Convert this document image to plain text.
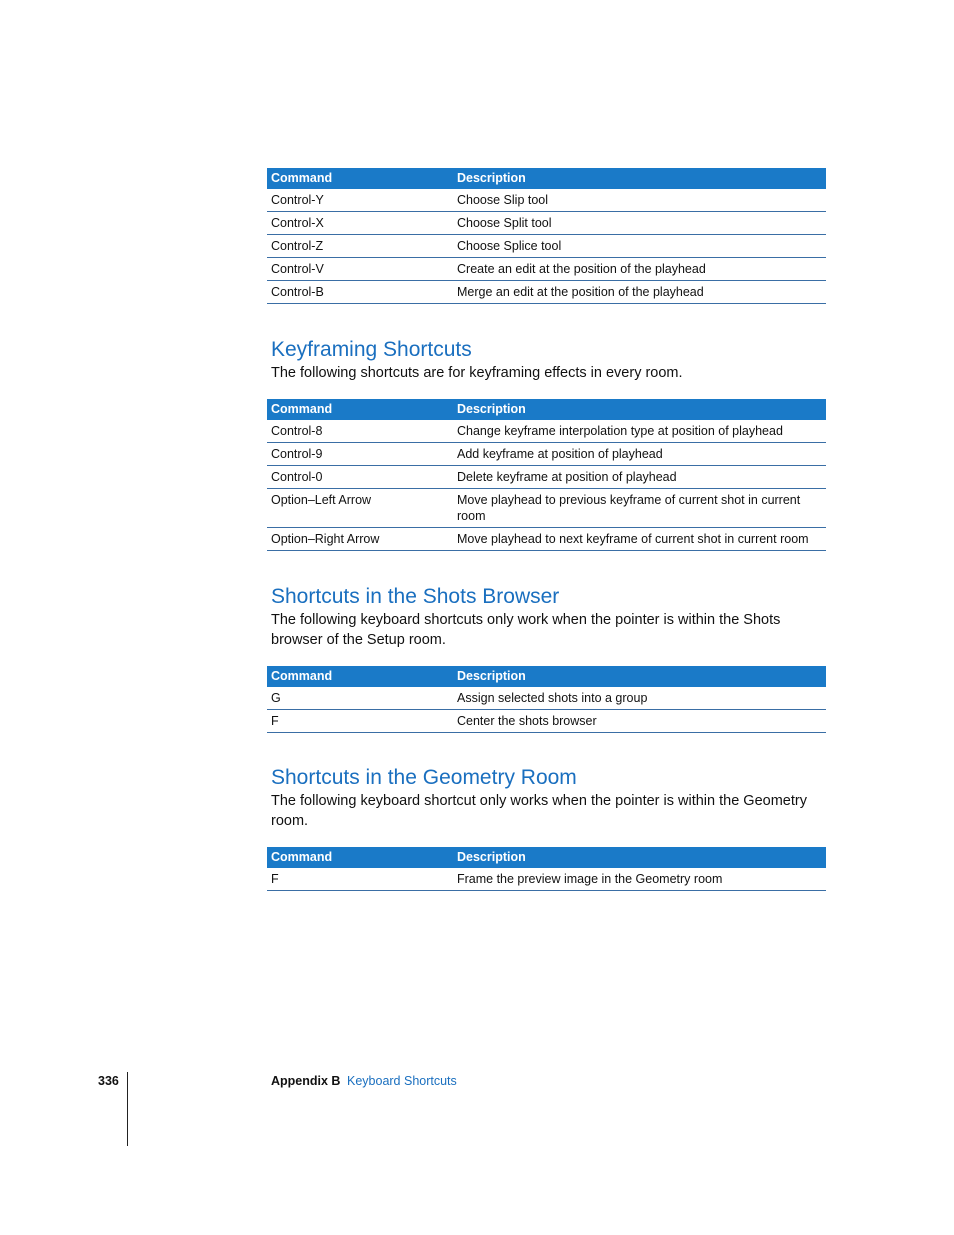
Command	Description
Control-Y	Choose Slip tool
Control-X	Choose Split tool
Control-Z	Choose Splice tool
Control-V	Create an edit at the position of the playhead
Control-B	Merge an edit at the position of the playhead
Keyframing Shortcuts

The following shortcuts are for keyframing effects in every room.

Command	Description
Control-8	Change keyframe interpolation type at position of playhead
Control-9	Add keyframe at position of playhead
Control-0	Delete keyframe at position of playhead
Option–Left Arrow	Move playhead to previous keyframe of current shot in current room
Option–Right Arrow	Move playhead to next keyframe of current shot in current room
Shortcuts in the Shots Browser

The following keyboard shortcuts only work when the pointer is within the Shots browser of the Setup room.

Command	Description
G	Assign selected shots into a group
F	Center the shots browser
Shortcuts in the Geometry Room

The following keyboard shortcut only works when the pointer is within the Geometry room.

Command	Description
F	Frame the preview image in the Geometry room
336	Appendix B Keyboard Shortcuts
